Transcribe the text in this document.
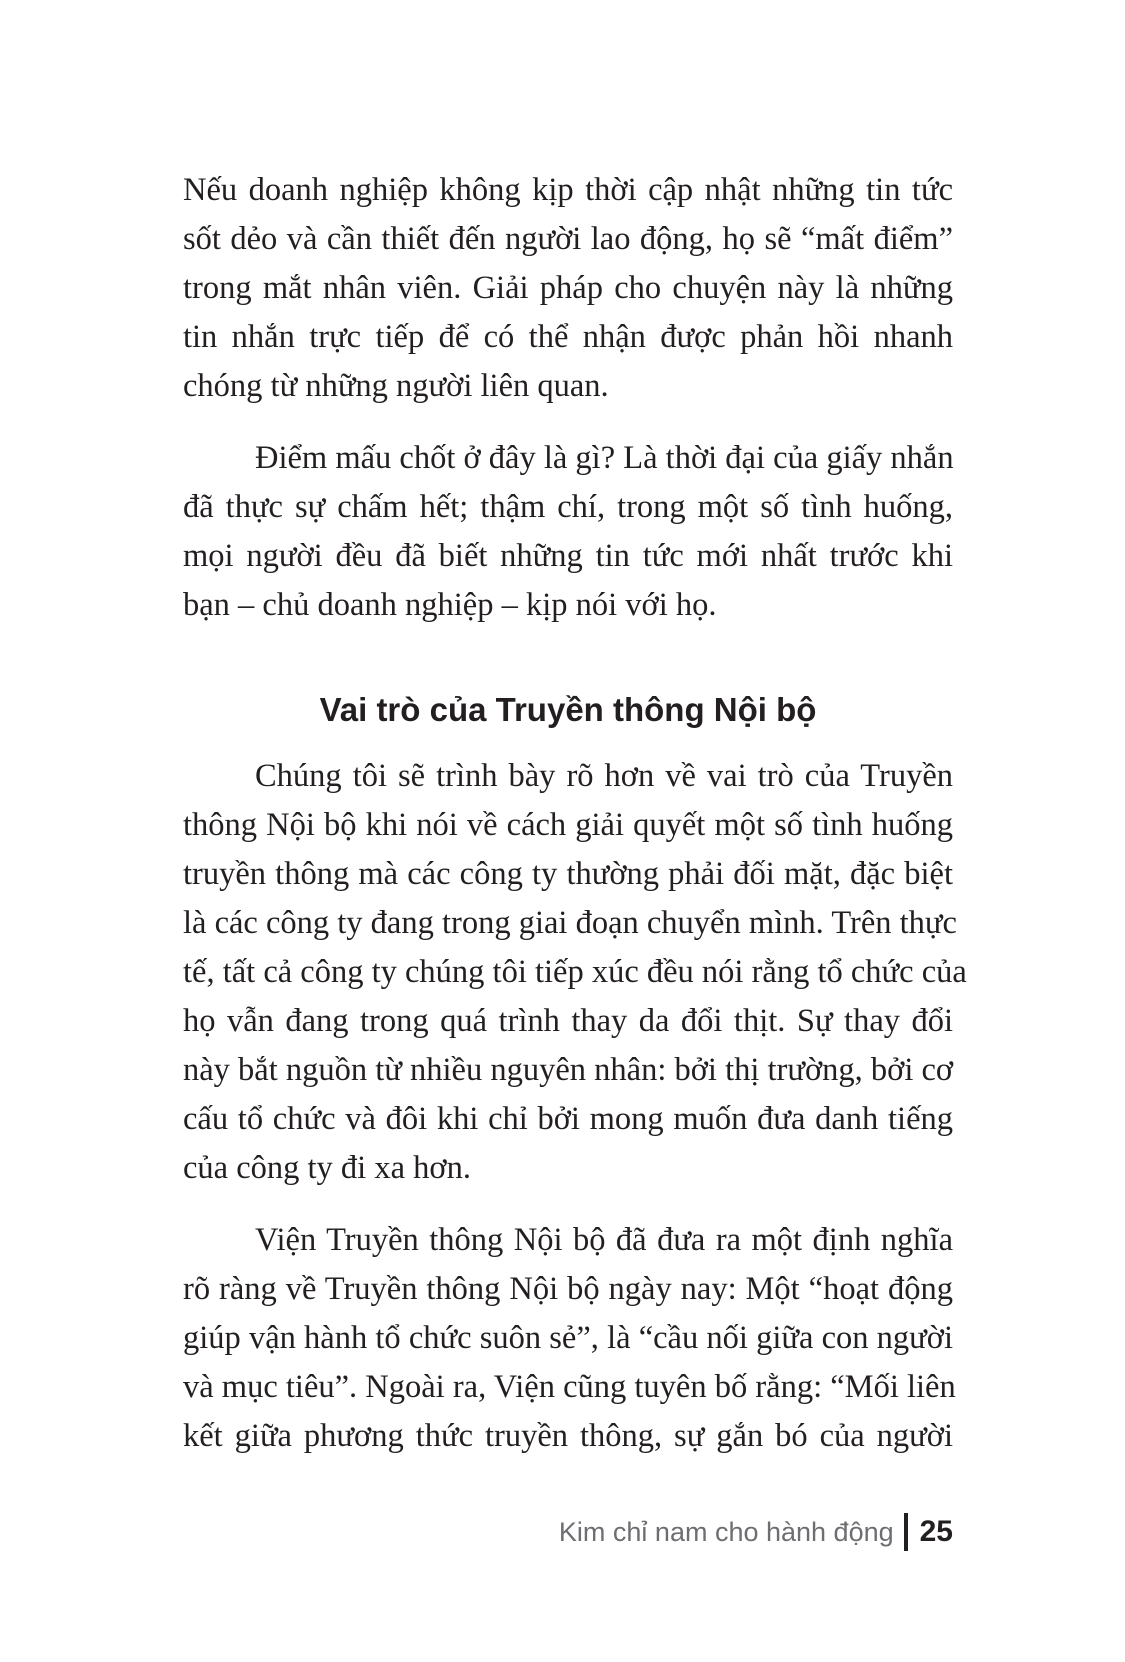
Nếu doanh nghiệp không kịp thời cập nhật những tin tức
sốt dẻo và cần thiết đến người lao động, họ sẽ “mất điểm”
trong mắt nhân viên. Giải pháp cho chuyện này là những
tin nhắn trực tiếp để có thể nhận được phản hồi nhanh
chóng từ những người liên quan.
Điểm mấu chốt ở đây là gì? Là thời đại của giấy nhắn
đã thực sự chấm hết; thậm chí, trong một số tình huống,
mọi người đều đã biết những tin tức mới nhất trước khi
bạn – chủ doanh nghiệp – kịp nói với họ.
Vai trò của Truyền thông Nội bộ
Chúng tôi sẽ trình bày rõ hơn về vai trò của Truyền
thông Nội bộ khi nói về cách giải quyết một số tình huống
truyền thông mà các công ty thường phải đối mặt, đặc biệt
là các công ty đang trong giai đoạn chuyển mình. Trên thực
tế, tất cả công ty chúng tôi tiếp xúc đều nói rằng tổ chức của
họ vẫn đang trong quá trình thay da đổi thịt. Sự thay đổi
này bắt nguồn từ nhiều nguyên nhân: bởi thị trường, bởi cơ
cấu tổ chức và đôi khi chỉ bởi mong muốn đưa danh tiếng
của công ty đi xa hơn.
Viện Truyền thông Nội bộ đã đưa ra một định nghĩa
rõ ràng về Truyền thông Nội bộ ngày nay: Một “hoạt động
giúp vận hành tổ chức suôn sẻ”, là “cầu nối giữa con người
và mục tiêu”. Ngoài ra, Viện cũng tuyên bố rằng: “Mối liên
kết giữa phương thức truyền thông, sự gắn bó của người
Kim chỉ nam cho hành động 25
